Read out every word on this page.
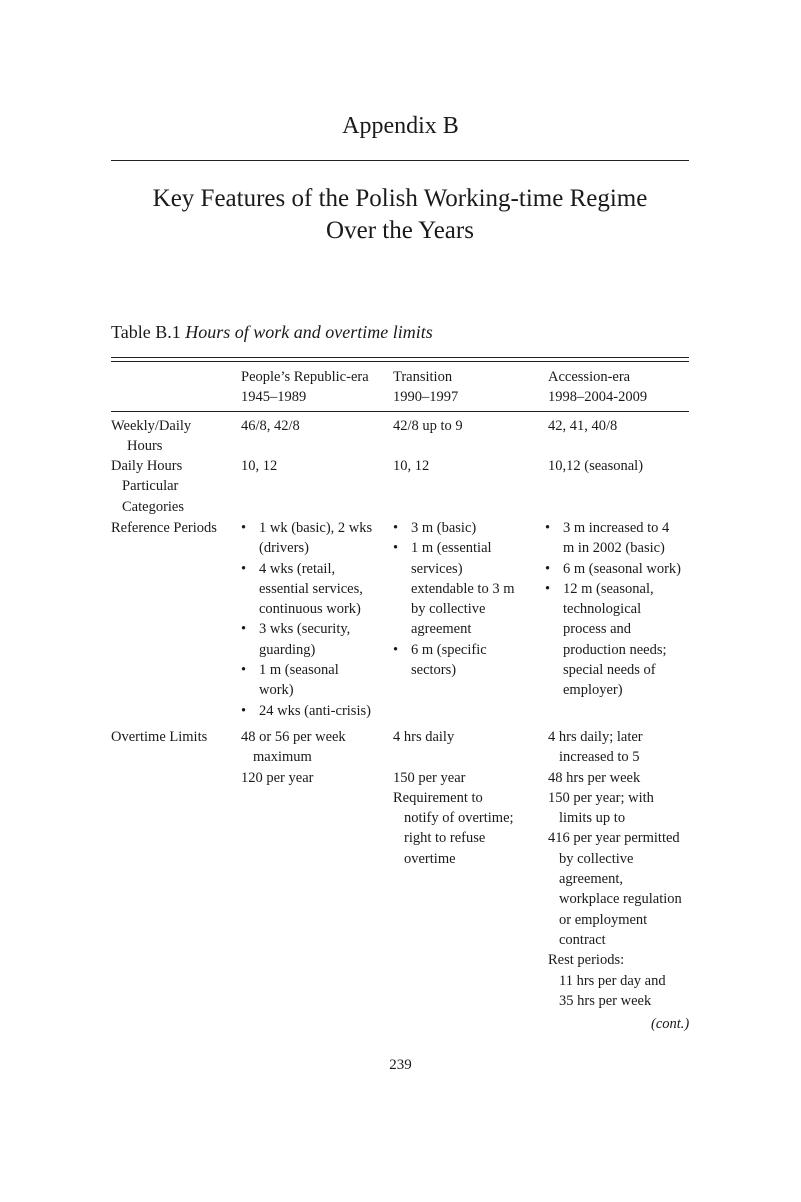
Appendix B
Key Features of the Polish Working-time Regime
Over the Years
Table B.1 Hours of work and overtime limits
People’s Republic-era
1945–1989
Transition
1990–1997
Accession-era
1998–2004-2009
Weekly/Daily
Hours
46/8, 42/8	42/8 up to 9	42, 41, 40/8
Daily Hours
Particular
Categories
10, 12	10, 12	10,12 (seasonal)
Reference Periods
•	1 wk (basic), 2 wks
(drivers)
• 4 wks (retail,
essential services,
continuous work)
• 3 wks (security,
guarding)
• 1 m (seasonal
work)
• 24 wks (anti-crisis)
• 3 m (basic)
• 1 m (essential
services)
extendable to 3 m
by collective
agreement
• 6 m (specific
sectors)
• 3 m increased to 4
m in 2002 (basic)
• 6 m (seasonal work)
• 12 m (seasonal,
technological
process and
production needs;
special needs of
employer)
Overtime Limits 48 or 56 per week
maximum
120 per year
4 hrs daily
150 per year
Requirement to
notify of overtime;
right to refuse
overtime
4 hrs daily; later
increased to 5
48 hrs per week
150 per year; with
limits up to
416 per year permitted
by collective
agreement,
workplace regulation
or employment
contract
Rest periods:
11 hrs per day and
35 hrs per week
(cont.)
239
